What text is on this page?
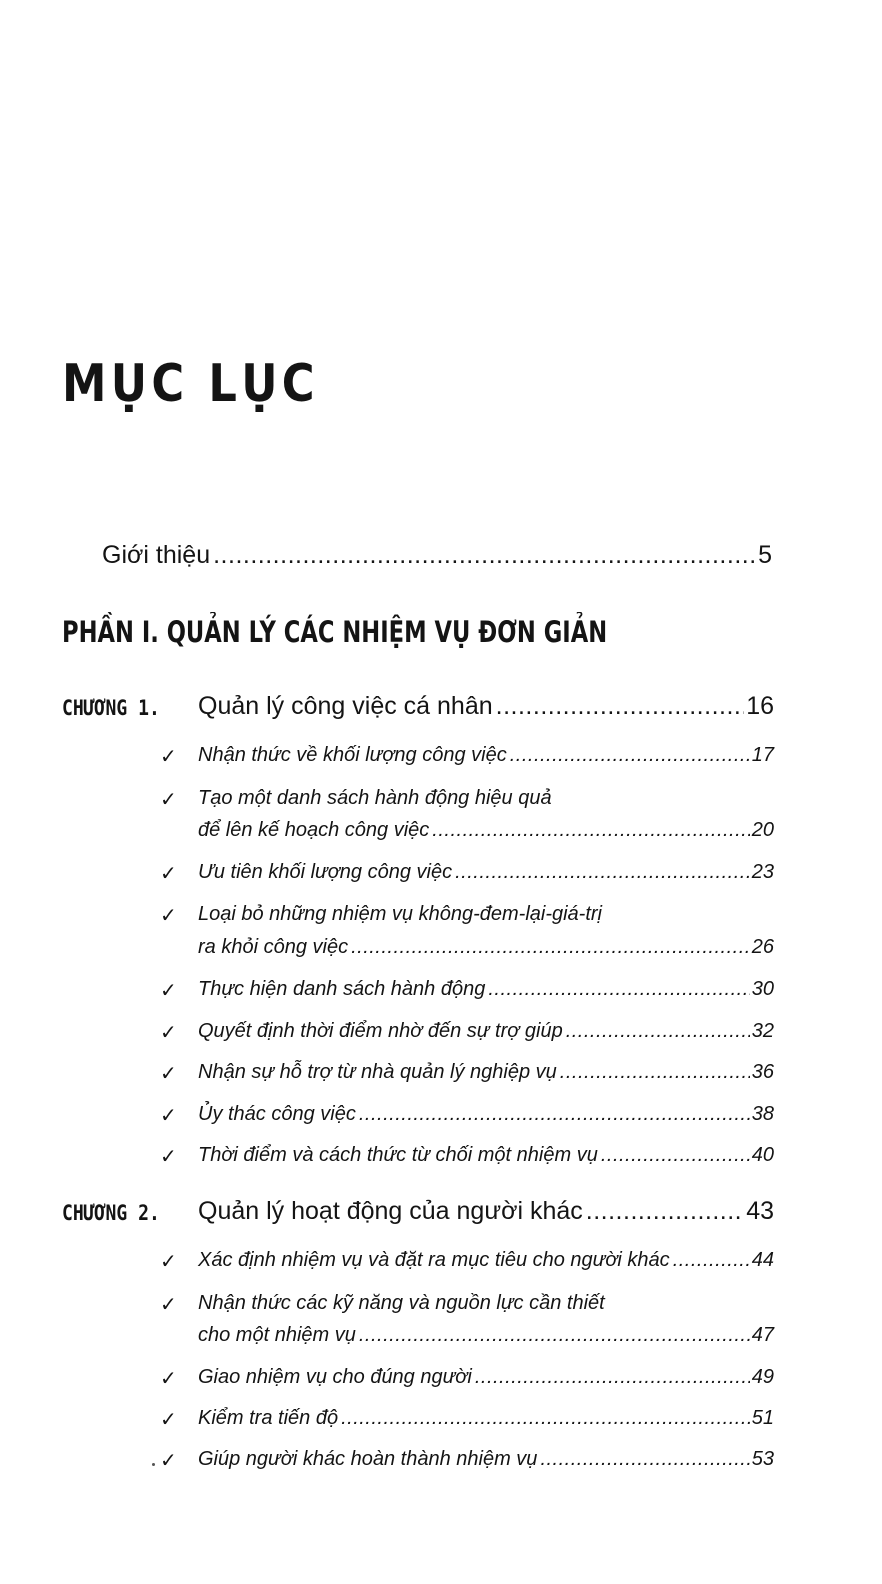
MỤC LỤC
Giới thiệu .....	5
PHẦN I. QUẢN LÝ CÁC NHIỆM VỤ ĐƠN GIẢN
CHƯƠNG 1. Quản lý công việc cá nhân .....	16
✓ Nhận thức về khối lượng công việc .....	17
✓ Tạo một danh sách hành động hiệu quả
để lên kế hoạch công việc .....	20
✓ Ưu tiên khối lượng công việc .....	23
✓ Loại bỏ những nhiệm vụ không-đem-lại-giá-trị
ra khỏi công việc .....	26
✓ Thực hiện danh sách hành động .....	30
✓ Quyết định thời điểm nhờ đến sự trợ giúp .....	32
✓ Nhận sự hỗ trợ từ nhà quản lý nghiệp vụ .....	36
✓ Ủy thác công việc .....	38
✓ Thời điểm và cách thức từ chối một nhiệm vụ .....	40
CHƯƠNG 2. Quản lý hoạt động của người khác .....	43
✓ Xác định nhiệm vụ và đặt ra mục tiêu cho người khác .....	44
✓ Nhận thức các kỹ năng và nguồn lực cần thiết
cho một nhiệm vụ .....	47
✓ Giao nhiệm vụ cho đúng người .....	49
✓ Kiểm tra tiến độ .....	51
✓ Giúp người khác hoàn thành nhiệm vụ .....	53
